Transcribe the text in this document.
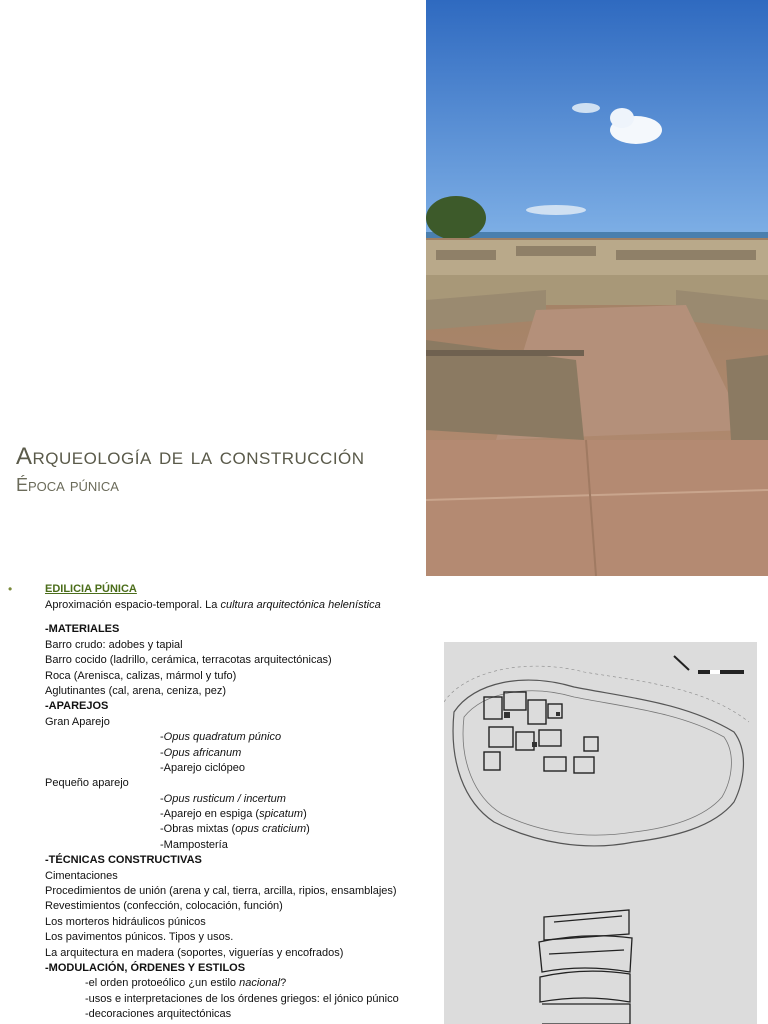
Arqueología de la construcción
Época púnica
•	EDILICIA PÚNICA
Aproximación espacio-temporal. La cultura arquitectónica helenística
-MATERIALES
Barro crudo: adobes y tapial
Barro cocido (ladrillo, cerámica, terracotas arquitectónicas)
Roca (Arenisca, calizas, mármol y tufo)
Aglutinantes (cal, arena, ceniza, pez)
-APAREJOS
Gran Aparejo
-Opus quadratum púnico
-Opus africanum
-Aparejo ciclópeo
Pequeño aparejo
-Opus rusticum / incertum
-Aparejo en espiga (spicatum)
-Obras mixtas (opus craticium)
-Mampostería
-TÉCNICAS CONSTRUCTIVAS
Cimentaciones
Procedimientos de unión (arena y cal, tierra, arcilla, ripios, ensamblajes)
Revestimientos (confección, colocación, función)
Los morteros hidráulicos púnicos
Los pavimentos púnicos. Tipos y usos.
La arquitectura en madera (soportes, viguerías y encofrados)
-MODULACIÓN, ÓRDENES Y ESTILOS
-el orden protoeólico ¿un estilo nacional?
-usos e interpretaciones de los órdenes griegos: el jónico púnico
-decoraciones arquitectónicas
